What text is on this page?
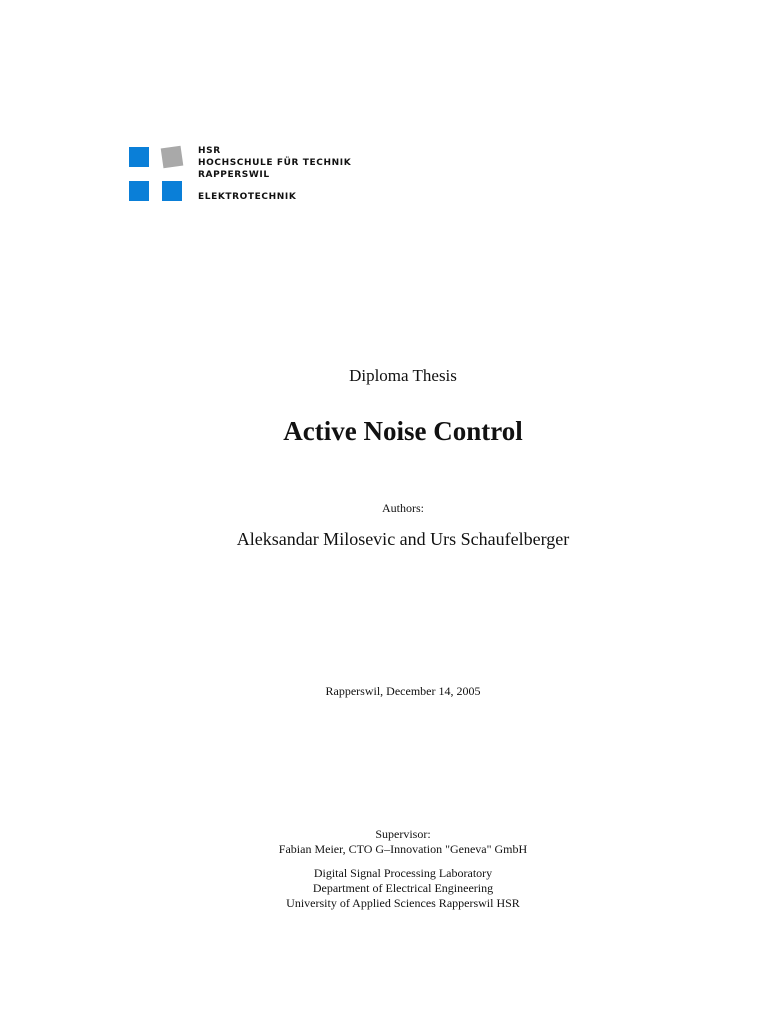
HSR
HOCHSCHULE FÜR TECHNIK
RAPPERSWIL
ELEKTROTECHNIK
Diploma Thesis
Active Noise Control
Authors:
Aleksandar Milosevic and Urs Schaufelberger
Rapperswil, December 14, 2005
Supervisor:
Fabian Meier, CTO G–Innovation "Geneva" GmbH
Digital Signal Processing Laboratory
Department of Electrical Engineering
University of Applied Sciences Rapperswil HSR
